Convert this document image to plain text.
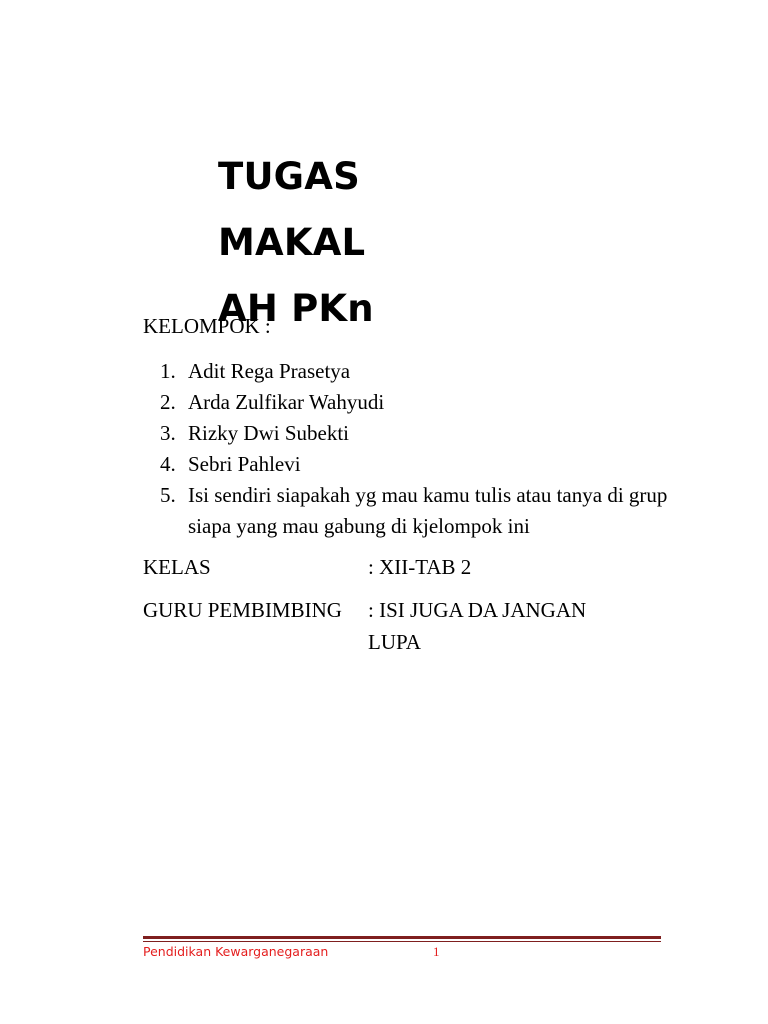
TUGAS
MAKAL
AH PKn
KELOMPOK :
1. Adit Rega Prasetya
2. Arda Zulfikar Wahyudi
3. Rizky Dwi Subekti
4. Sebri Pahlevi
5. Isi sendiri siapakah yg mau kamu tulis atau tanya di grup siapa yang mau gabung di kjelompok ini
KELAS	: XII-TAB 2
GURU PEMBIMBING : ISI JUGA DA JANGAN LUPA
Pendidikan Kewarganegaraan	1
